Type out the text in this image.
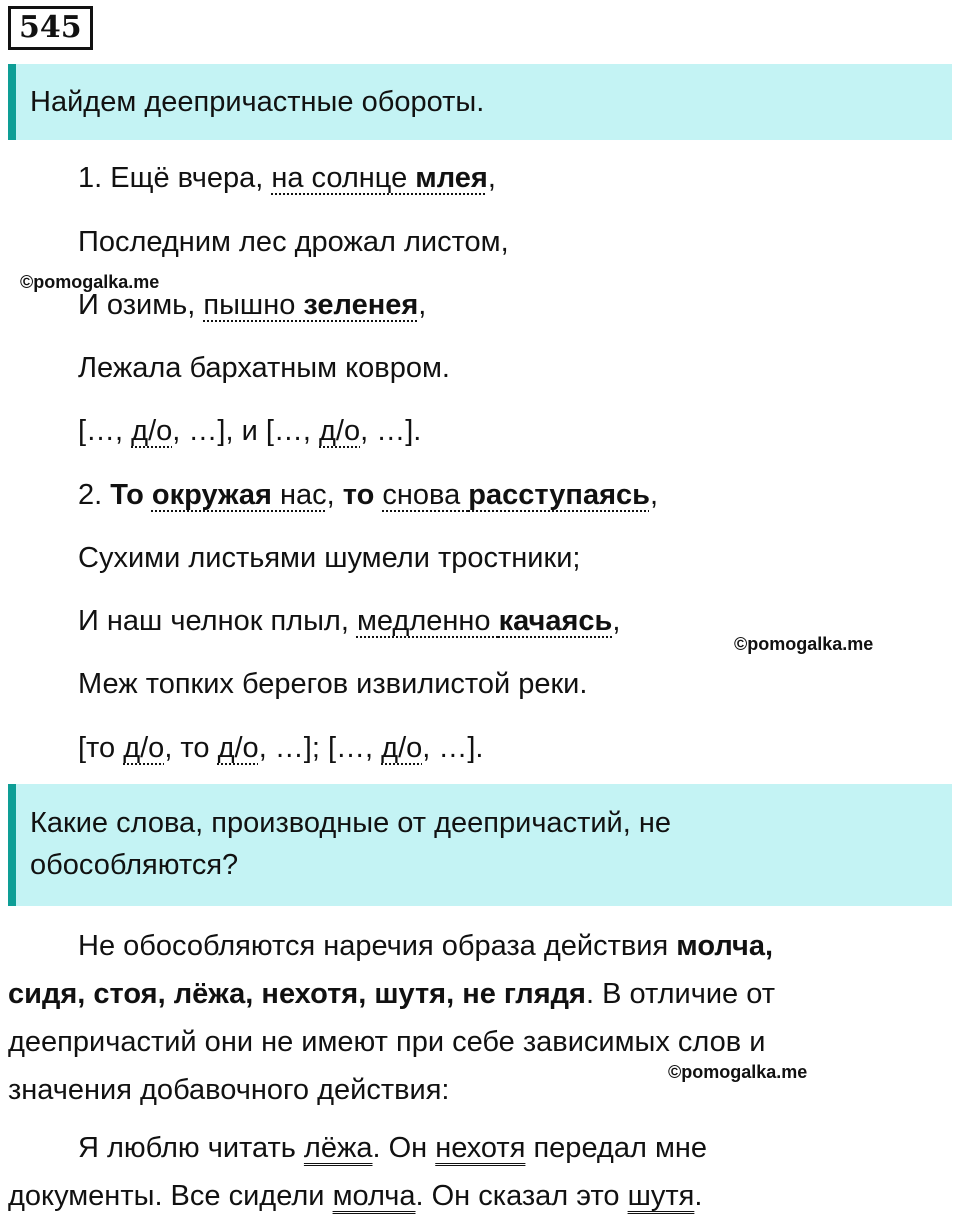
545
Найдем деепричастные обороты.
1. Ещё вчера, на солнце млея,
Последним лес дрожал листом,
И озимь, пышно зеленея,
Лежала бархатным ковром.
[…, д/о, …], и […, д/о, …].
2. То окружая нас, то снова расступаясь,
Сухими листьями шумели тростники;
И наш челнок плыл, медленно качаясь,
Меж топких берегов извилистой реки.
[то д/о, то д/о, …]; […, д/о, …].
Какие слова, производные от деепричастий, не
обособляются?
Не обособляются наречия образа действия молча,
сидя, стоя, лёжа, нехотя, шутя, не глядя. В отличие от
деепричастий они не имеют при себе зависимых слов и
значения добавочного действия:
Я люблю читать лёжа. Он нехотя передал мне
документы. Все сидели молча. Он сказал это шутя.
©pomogalka.me
©pomogalka.me
©pomogalka.me
